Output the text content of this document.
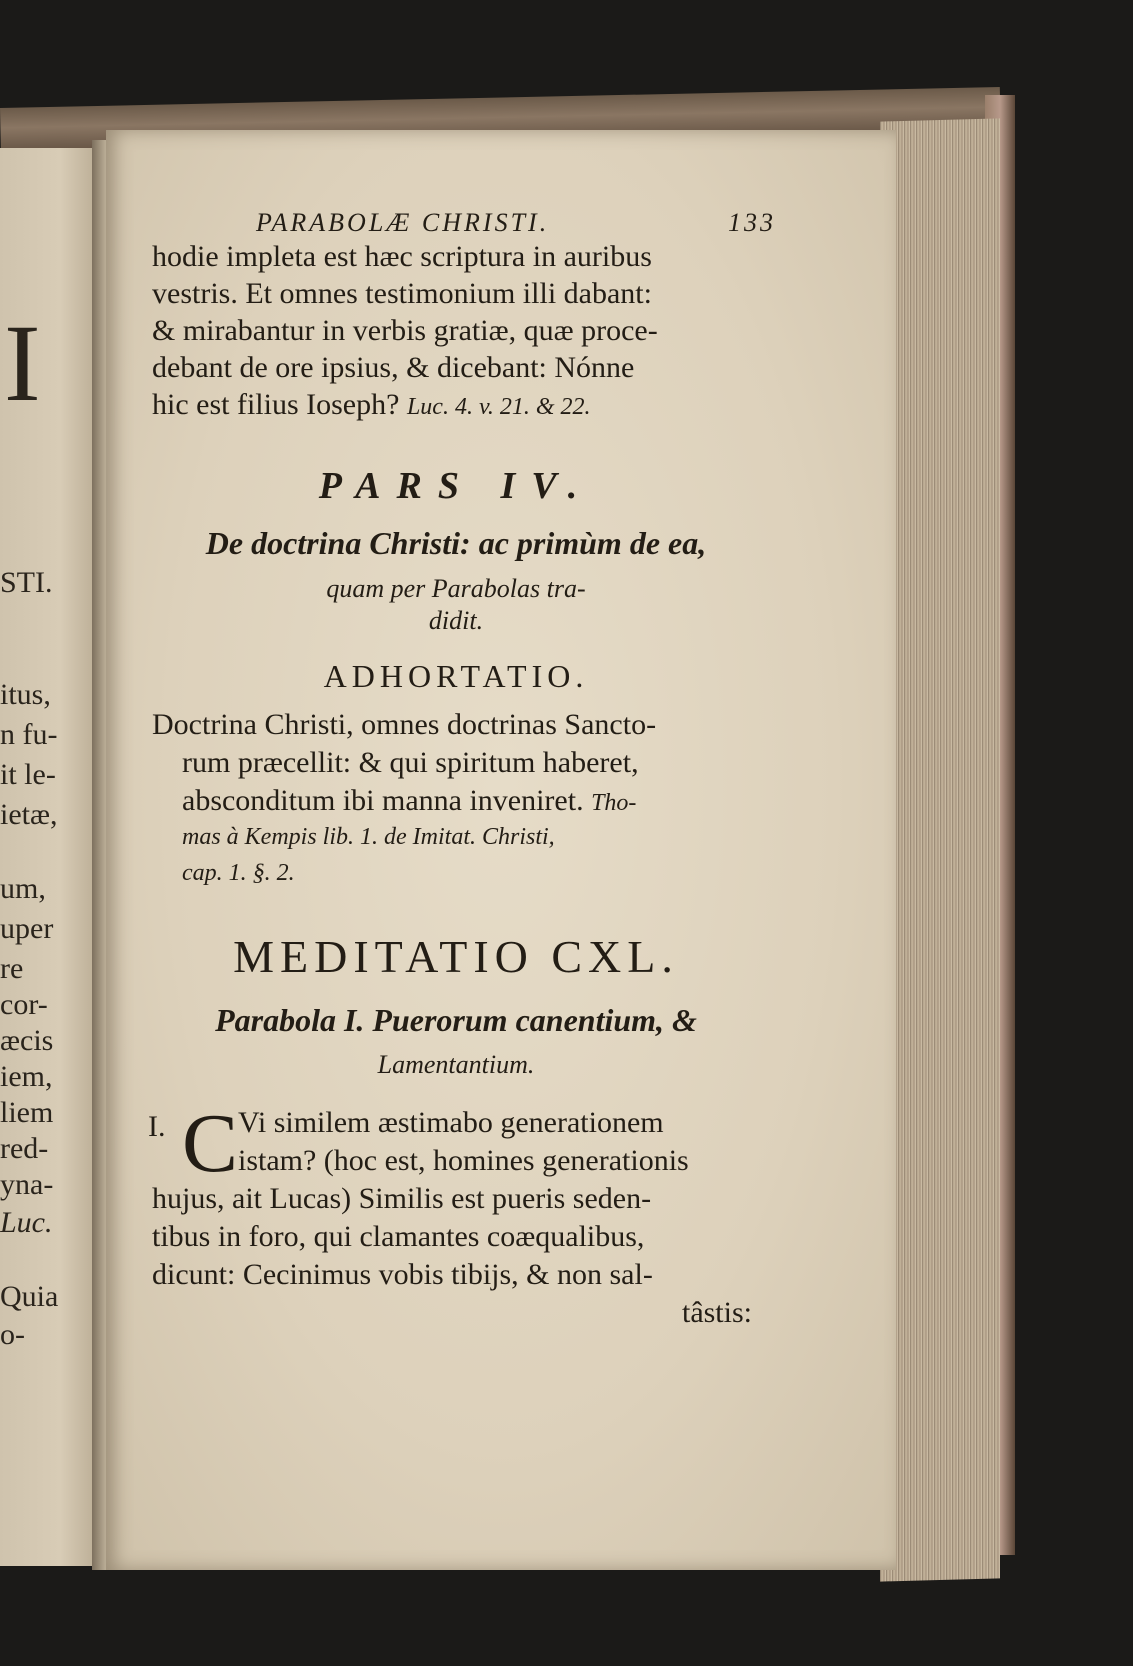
I
STI.
itus,
n fu-
it le-
ietæ,
um,
uper
re
cor-
æcis
iem,
liem
red-
yna-
Luc.
Quia
o-
PARABOLÆ CHRISTI.	133
hodie impleta est hæc scriptura in auribus
vestris. Et omnes testimonium illi dabant:
& mirabantur in verbis gratiæ, quæ proce-
debant de ore ipsius, & dicebant: Nónne
hic est filius Ioseph? Luc. 4. v. 21. & 22.
PARS IV.
De doctrina Christi: ac primùm de ea,
quam per Parabolas tra-
didit.
ADHORTATIO.
Doctrina Christi, omnes doctrinas Sancto-
rum præcellit: & qui spiritum haberet,
absconditum ibi manna inveniret. Tho-
mas à Kempis lib. 1. de Imitat. Christi,
cap. 1. §. 2.
MEDITATIO CXL.
Parabola I. Puerorum canentium, &
Lamentantium.
I. C Vi similem æstimabo generationem
istam? (hoc est, homines generationis
hujus, ait Lucas) Similis est pueris seden-
tibus in foro, qui clamantes coæqualibus,
dicunt: Cecinimus vobis tibijs, & non sal-
tâstis:
